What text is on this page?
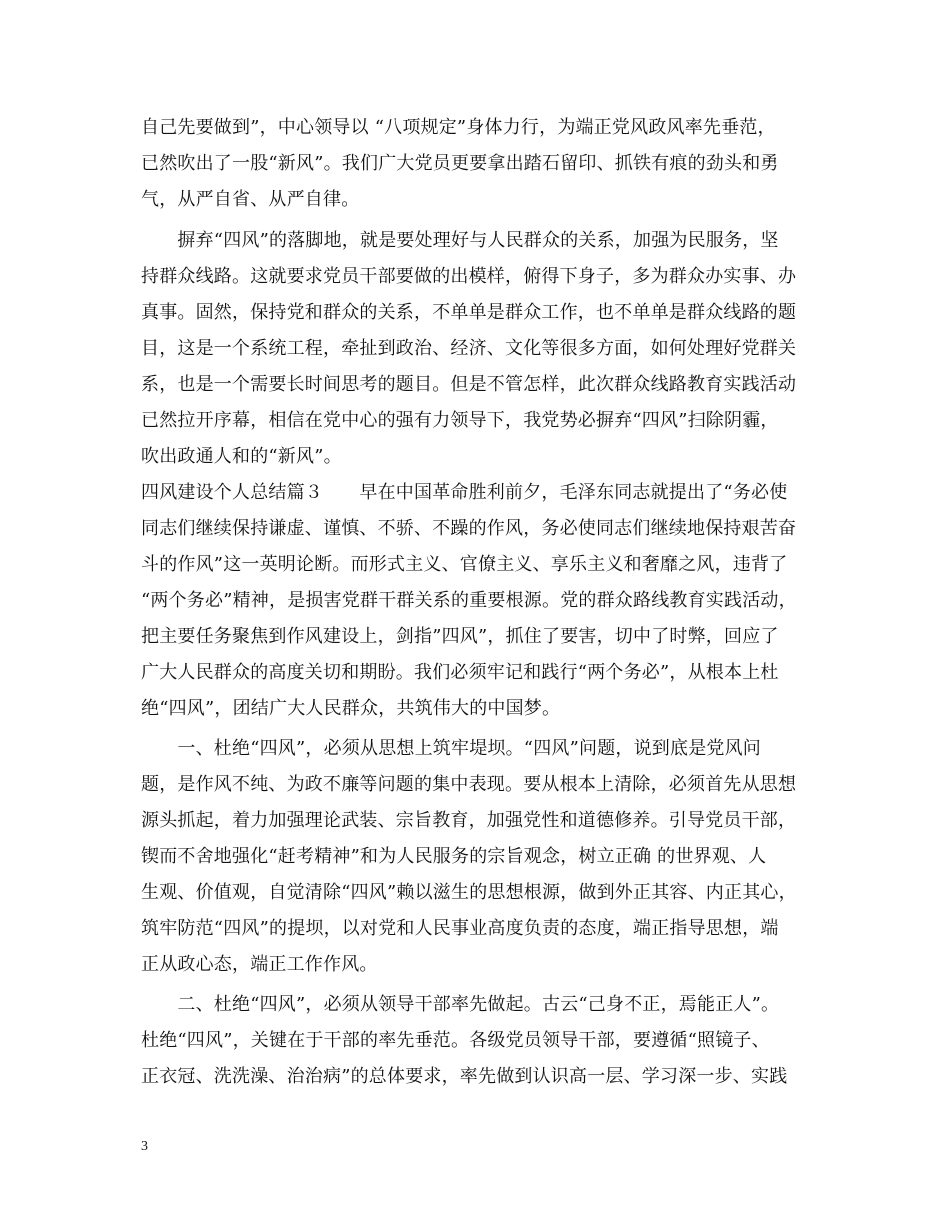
自己先要做到”，中心领导以 “八项规定”身体力行，为端正党风政风率先垂范，
已然吹出了一股“新风”。我们广大党员更要拿出踏石留印、抓铁有痕的劲头和勇
气，从严自省、从严自律。
　　摒弃“四风”的落脚地，就是要处理好与人民群众的关系，加强为民服务，坚
持群众线路。这就要求党员干部要做的出模样，俯得下身子，多为群众办实事、办
真事。固然，保持党和群众的关系，不单单是群众工作，也不单单是群众线路的题
目，这是一个系统工程，牵扯到政治、经济、文化等很多方面，如何处理好党群关
系，也是一个需要长时间思考的题目。但是不管怎样，此次群众线路教育实践活动
已然拉开序幕，相信在党中心的强有力领导下，我党势必摒弃“四风”扫除阴霾，
吹出政通人和的“新风”。
四风建设个人总结篇３　　早在中国革命胜利前夕，毛泽东同志就提出了“务必使
同志们继续保持谦虚、谨慎、不骄、不躁的作风，务必使同志们继续地保持艰苦奋
斗的作风”这一英明论断。而形式主义、官僚主义、享乐主义和奢靡之风，违背了
“两个务必”精神，是损害党群干群关系的重要根源。党的群众路线教育实践活动，
把主要任务聚焦到作风建设上，剑指”四风”，抓住了要害，切中了时弊，回应了
广大人民群众的高度关切和期盼。我们必须牢记和践行“两个务必”，从根本上杜
绝“四风”，团结广大人民群众，共筑伟大的中国梦。
　　一、杜绝“四风”，必须从思想上筑牢堤坝。“四风”问题，说到底是党风问
题，是作风不纯、为政不廉等问题的集中表现。要从根本上清除，必须首先从思想
源头抓起，着力加强理论武装、宗旨教育，加强党性和道德修养。引导党员干部，
锲而不舍地强化“赶考精神”和为人民服务的宗旨观念，树立正确 的世界观、人
生观、价值观，自觉清除“四风”赖以滋生的思想根源，做到外正其容、内正其心，
筑牢防范“四风”的提坝，以对党和人民事业高度负责的态度，端正指导思想，端
正从政心态，端正工作作风。
　　二、杜绝“四风”，必须从领导干部率先做起。古云“己身不正，焉能正人”。
杜绝“四风”，关键在于干部的率先垂范。各级党员领导干部，要遵循“照镜子、
正衣冠、洗洗澡、治治病”的总体要求，率先做到认识高一层、学习深一步、实践
3
